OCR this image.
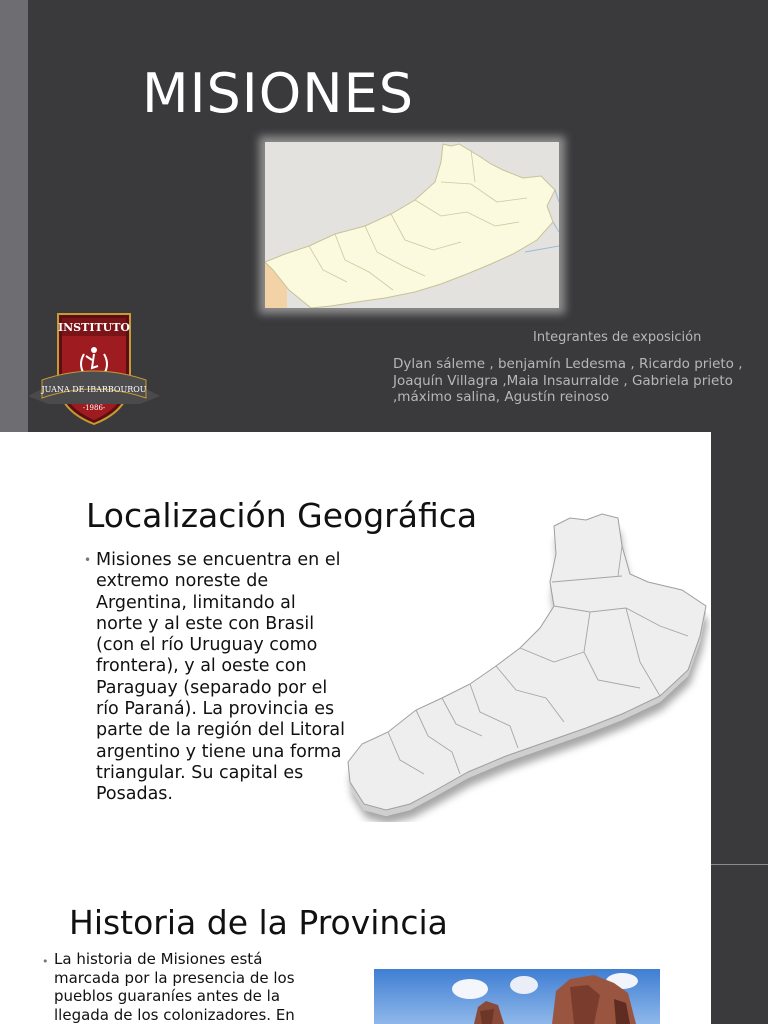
MISIONES

Integrantes de exposición

Dylan sáleme , benjamín Ledesma , Ricardo prieto , Joaquín Villagra ,Maia Insaurralde , Gabriela prieto ,máximo salina, Agustín reinoso

INSTITUTO
JUANA DE IBARBOUROU
-1986-
Localización Geográfica
• Misiones se encuentra en el extremo noreste de Argentina, limitando al norte y al este con Brasil (con el río Uruguay como frontera), y al oeste con Paraguay (separado por el río Paraná). La provincia es parte de la región del Litoral argentino y tiene una forma triangular. Su capital es Posadas.

Historia de la Provincia
• La historia de Misiones está marcada por la presencia de los pueblos guaraníes antes de la llegada de los colonizadores. En
